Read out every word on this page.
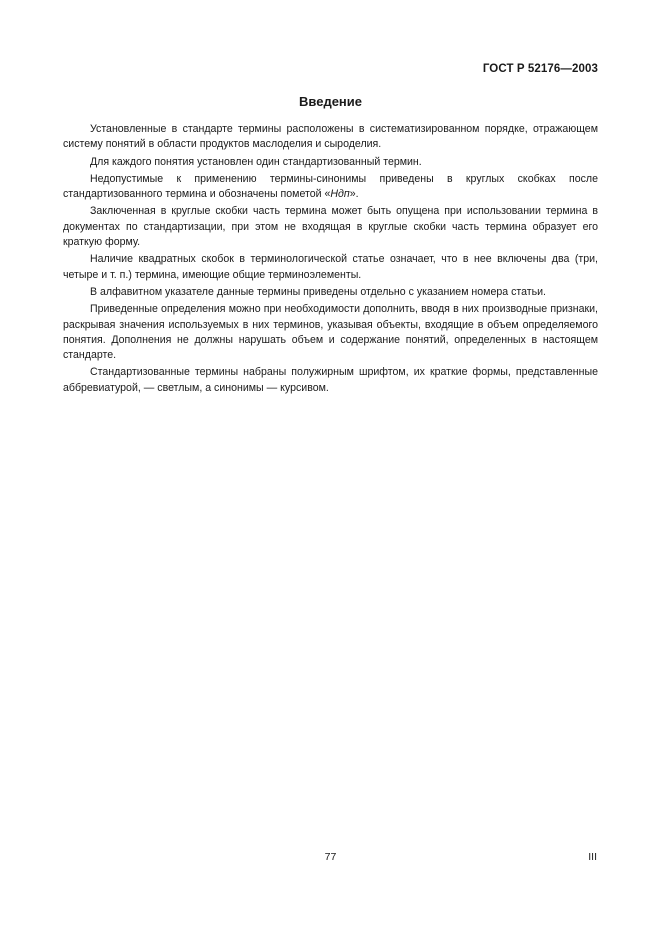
ГОСТ Р 52176—2003
Введение

Установленные в стандарте термины расположены в систематизированном порядке, отражающем систему понятий в области продуктов маслоделия и сыроделия.

Для каждого понятия установлен один стандартизованный термин.

Недопустимые к применению термины-синонимы приведены в круглых скобках после стандартизованного термина и обозначены пометой «Ндп».

Заключенная в круглые скобки часть термина может быть опущена при использовании термина в документах по стандартизации, при этом не входящая в круглые скобки часть термина образует его краткую форму.

Наличие квадратных скобок в терминологической статье означает, что в нее включены два (три, четыре и т. п.) термина, имеющие общие терминоэлементы.

В алфавитном указателе данные термины приведены отдельно с указанием номера статьи.

Приведенные определения можно при необходимости дополнить, вводя в них производные признаки, раскрывая значения используемых в них терминов, указывая объекты, входящие в объем определяемого понятия. Дополнения не должны нарушать объем и содержание понятий, определенных в настоящем стандарте.

Стандартизованные термины набраны полужирным шрифтом, их краткие формы, представленные аббревиатурой, — светлым, а синонимы — курсивом.

77	III
